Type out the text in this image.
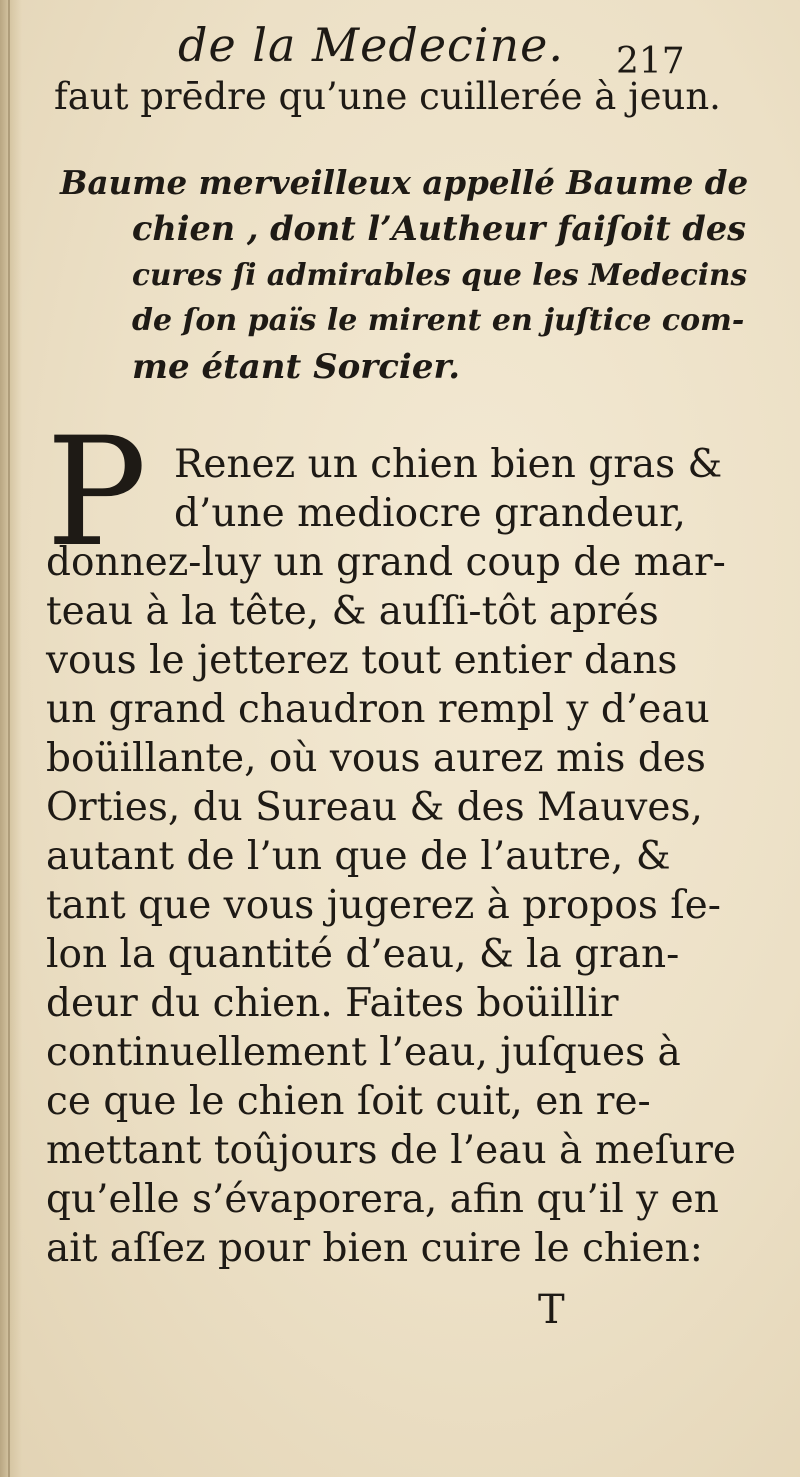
de la Medecine. 217
faut prēdre qu’une cuillerée à jeun.
Baume merveilleux appellé Baume de
chien , dont l’Autheur faiſoit des
cures ſi admirables que les Medecins
de ſon païs le mirent en juſtice com-
me étant Sorcier.
P Renez un chien bien gras &
d’une mediocre grandeur,
donnez-luy un grand coup de mar-
teau à la tête, & auſſi-tôt aprés
vous le jetterez tout entier dans
un grand chaudron rempl y d’eau
boüillante, où vous aurez mis des
Orties, du Sureau & des Mauves,
autant de l’un que de l’autre, &
tant que vous jugerez à propos ſe-
lon la quantité d’eau, & la gran-
deur du chien. Faites boüillir
continuellement l’eau, juſques à
ce que le chien ſoit cuit, en re-
mettant toûjours de l’eau à meſure
qu’elle s’évaporera, afin qu’il y en
ait aſſez pour bien cuire le chien:
T
